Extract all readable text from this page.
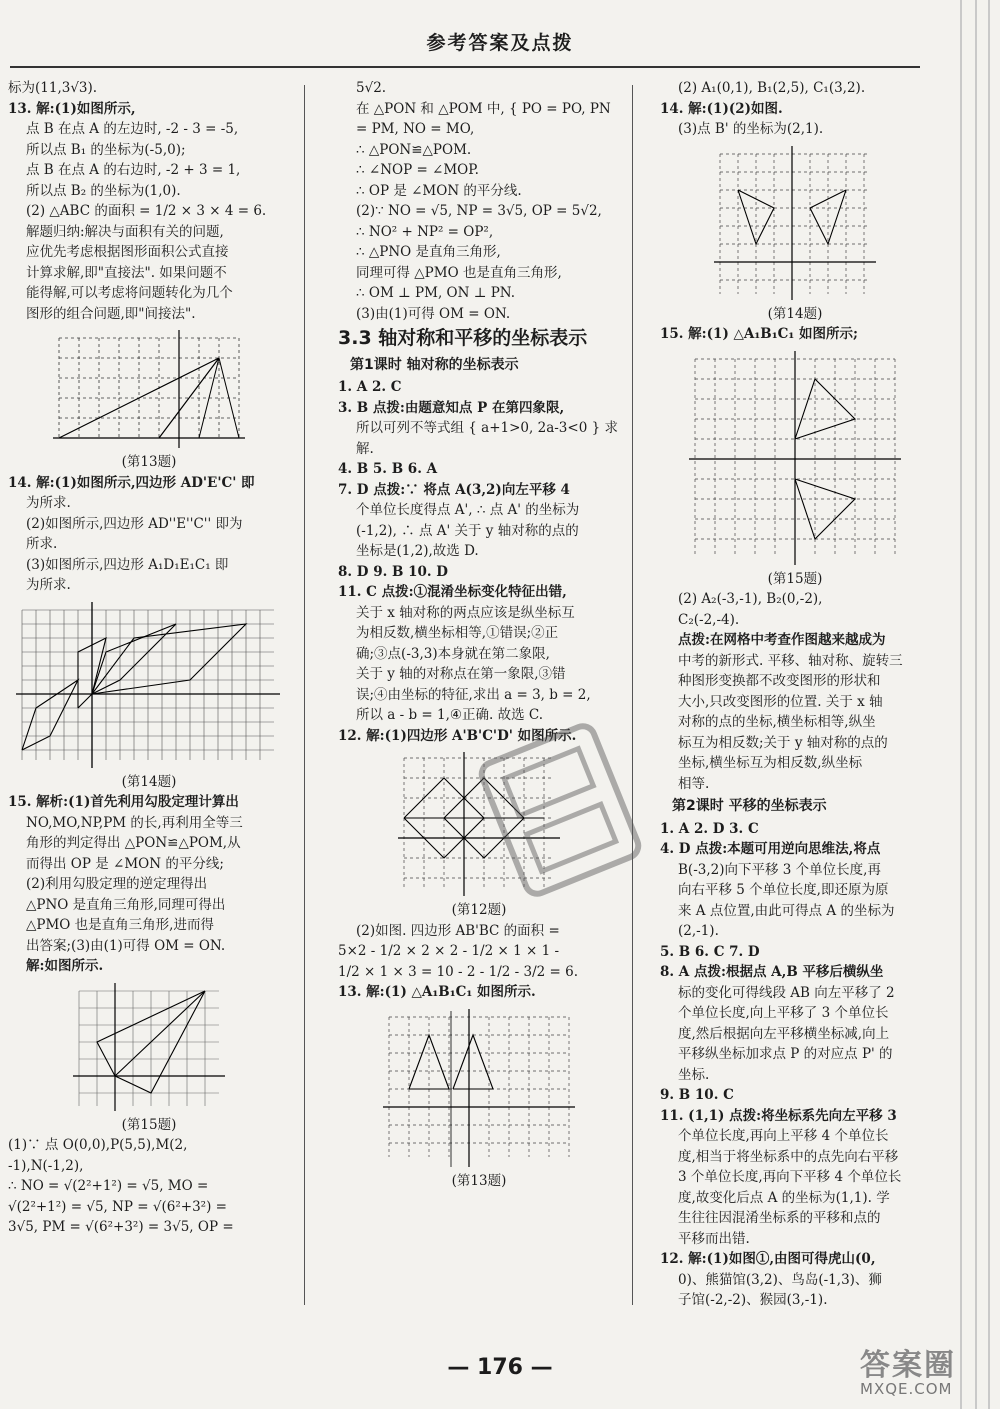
参考答案及点拨

标为(11,3√3).

13. 解:(1)如图所示,

点 B 在点 A 的左边时, -2 - 3 = -5,

所以点 B₁ 的坐标为(-5,0);

点 B 在点 A 的右边时, -2 + 3 = 1,

所以点 B₂ 的坐标为(1,0).

(2) △ABC 的面积 = 1/2 × 3 × 4 = 6.

解题归纳:解决与面积有关的问题,

应优先考虑根据图形面积公式直接

计算求解,即"直接法". 如果问题不

能得解,可以考虑将问题转化为几个

图形的组合问题,即"间接法".

(第13题)

14. 解:(1)如图所示,四边形 AD'E'C' 即

为所求.

(2)如图所示,四边形 AD''E''C'' 即为

所求.

(3)如图所示,四边形 A₁D₁E₁C₁ 即

为所求.

(第14题)

15. 解析:(1)首先利用勾股定理计算出

NO,MO,NP,PM 的长,再利用全等三

角形的判定得出 △PON≌△POM,从

而得出 OP 是 ∠MON 的平分线;

(2)利用勾股定理的逆定理得出

△PNO 是直角三角形,同理可得出

△PMO 也是直角三角形,进而得

出答案;(3)由(1)可得 OM = ON.

解:如图所示.

(第15题)

(1)∵ 点 O(0,0),P(5,5),M(2,

-1),N(-1,2),

∴ NO = √(2²+1²) = √5, MO =

√(2²+1²) = √5, NP = √(6²+3²) =

3√5, PM = √(6²+3²) = 3√5, OP =

5√2.

在 △PON 和 △POM 中, { PO = PO, PN = PM, NO = MO,

∴ △PON≌△POM.

∴ ∠NOP = ∠MOP.

∴ OP 是 ∠MON 的平分线.

(2)∵ NO = √5, NP = 3√5, OP = 5√2,

∴ NO² + NP² = OP²,

∴ △PNO 是直角三角形,

同理可得 △PMO 也是直角三角形,

∴ OM ⊥ PM, ON ⊥ PN.

(3)由(1)可得 OM = ON.

3.3 轴对称和平移的坐标表示
第1课时 轴对称的坐标表示

1. A 2. C

3. B 点拨:由题意知点 P 在第四象限,

所以可列不等式组 { a+1>0, 2a-3<0 } 求解.

4. B 5. B 6. A

7. D 点拨:∵ 将点 A(3,2)向左平移 4

个单位长度得点 A', ∴ 点 A' 的坐标为

(-1,2), ∴ 点 A' 关于 y 轴对称的点的

坐标是(1,2),故选 D.

8. D 9. B 10. D

11. C 点拨:①混淆坐标变化特征出错,

关于 x 轴对称的两点应该是纵坐标互

为相反数,横坐标相等,①错误;②正

确;③点(-3,3)本身就在第二象限,

关于 y 轴的对称点在第一象限,③错

误;④由坐标的特征,求出 a = 3, b = 2,

所以 a - b = 1,④正确. 故选 C.

12. 解:(1)四边形 A'B'C'D' 如图所示.

(第12题)

(2)如图. 四边形 AB'BC 的面积 =

5×2 - 1/2 × 2 × 2 - 1/2 × 1 × 1 -

1/2 × 1 × 3 = 10 - 2 - 1/2 - 3/2 = 6.

13. 解:(1) △A₁B₁C₁ 如图所示.

(第13题)

(2) A₁(0,1), B₁(2,5), C₁(3,2).

14. 解:(1)(2)如图.

(3)点 B' 的坐标为(2,1).

(第14题)

15. 解:(1) △A₁B₁C₁ 如图所示;

(第15题)

(2) A₂(-3,-1), B₂(0,-2),

C₂(-2,-4).

点拨:在网格中考查作图越来越成为

中考的新形式. 平移、轴对称、旋转三

种图形变换都不改变图形的形状和

大小,只改变图形的位置. 关于 x 轴

对称的点的坐标,横坐标相等,纵坐

标互为相反数;关于 y 轴对称的点的

坐标,横坐标互为相反数,纵坐标

相等.

第2课时 平移的坐标表示

1. A 2. D 3. C

4. D 点拨:本题可用逆向思维法,将点

B(-3,2)向下平移 3 个单位长度,再

向右平移 5 个单位长度,即还原为原

来 A 点位置,由此可得点 A 的坐标为

(2,-1).

5. B 6. C 7. D

8. A 点拨:根据点 A,B 平移后横纵坐

标的变化可得线段 AB 向左平移了 2

个单位长度,向上平移了 3 个单位长

度,然后根据向左平移横坐标减,向上

平移纵坐标加求点 P 的对应点 P' 的

坐标.

9. B 10. C

11. (1,1) 点拨:将坐标系先向左平移 3

个单位长度,再向上平移 4 个单位长

度,相当于将坐标系中的点先向右平移

3 个单位长度,再向下平移 4 个单位长

度,故变化后点 A 的坐标为(1,1). 学

生往往因混淆坐标系的平移和点的

平移而出错.

12. 解:(1)如图①,由图可得虎山(0,

0)、熊猫馆(3,2)、鸟岛(-1,3)、狮

子馆(-2,-2)、猴园(3,-1).

— 176 —	答案圈
MXQE.COM
